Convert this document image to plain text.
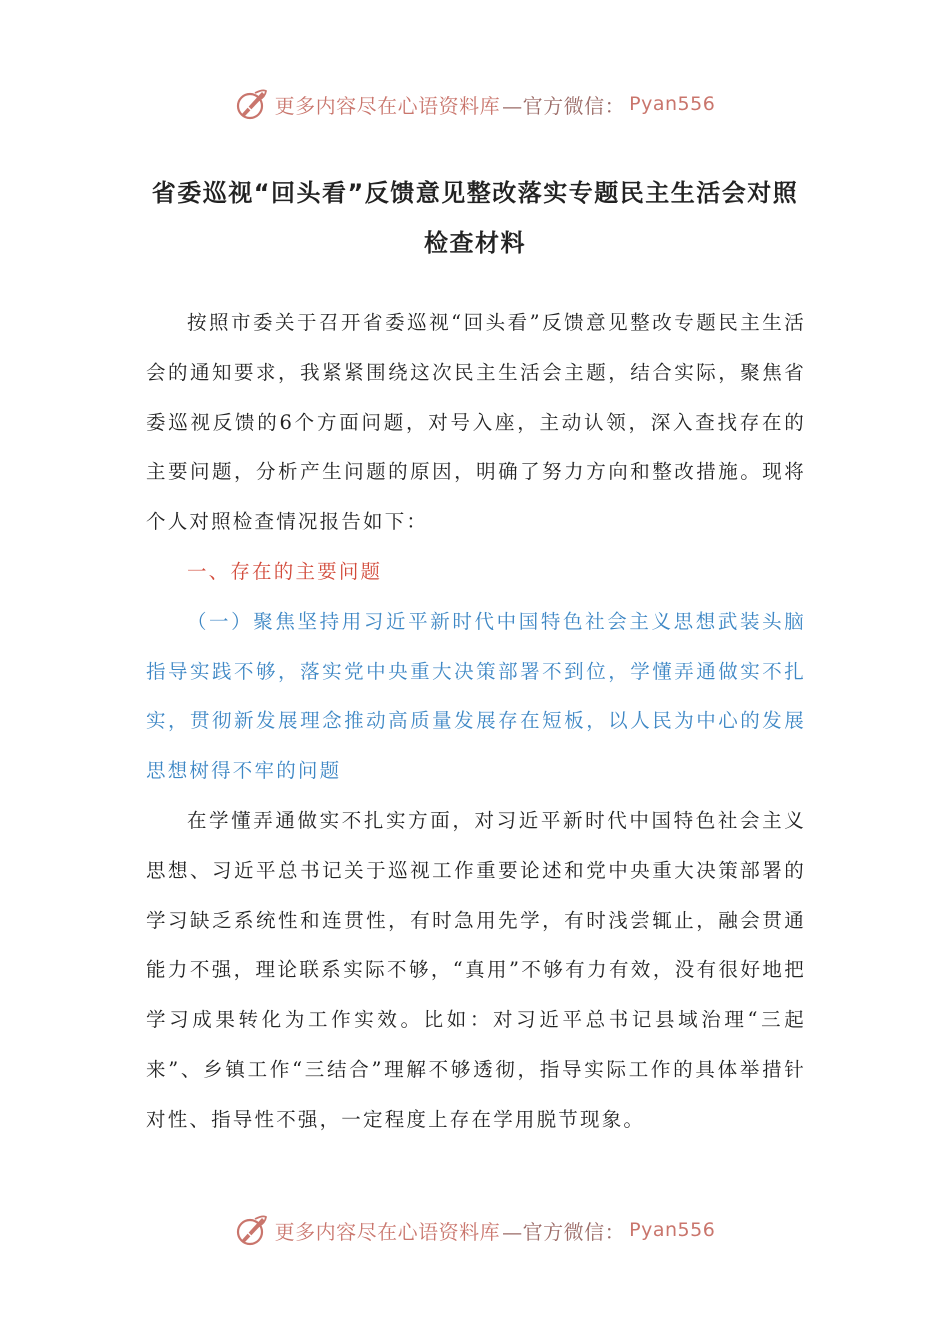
更多内容尽在心语资料库 —官方微信： Pyan556
省委巡视“回头看”反馈意见整改落实专题民主生活会对照检查材料

按照市委关于召开省委巡视“回头看”反馈意见整改专题民主生活会的通知要求，我紧紧围绕这次民主生活会主题，结合实际，聚焦省委巡视反馈的6个方面问题，对号入座，主动认领，深入查找存在的主要问题，分析产生问题的原因，明确了努力方向和整改措施。现将个人对照检查情况报告如下：

一、存在的主要问题

（一）聚焦坚持用习近平新时代中国特色社会主义思想武装头脑指导实践不够，落实党中央重大决策部署不到位，学懂弄通做实不扎实，贯彻新发展理念推动高质量发展存在短板，以人民为中心的发展思想树得不牢的问题

在学懂弄通做实不扎实方面，对习近平新时代中国特色社会主义思想、习近平总书记关于巡视工作重要论述和党中央重大决策部署的学习缺乏系统性和连贯性，有时急用先学，有时浅尝辄止，融会贯通能力不强，理论联系实际不够，“真用”不够有力有效，没有很好地把学习成果转化为工作实效。比如：对习近平总书记县域治理“三起来”、乡镇工作“三结合”理解不够透彻，指导实际工作的具体举措针对性、指导性不强，一定程度上存在学用脱节现象。

更多内容尽在心语资料库 —官方微信： Pyan556
